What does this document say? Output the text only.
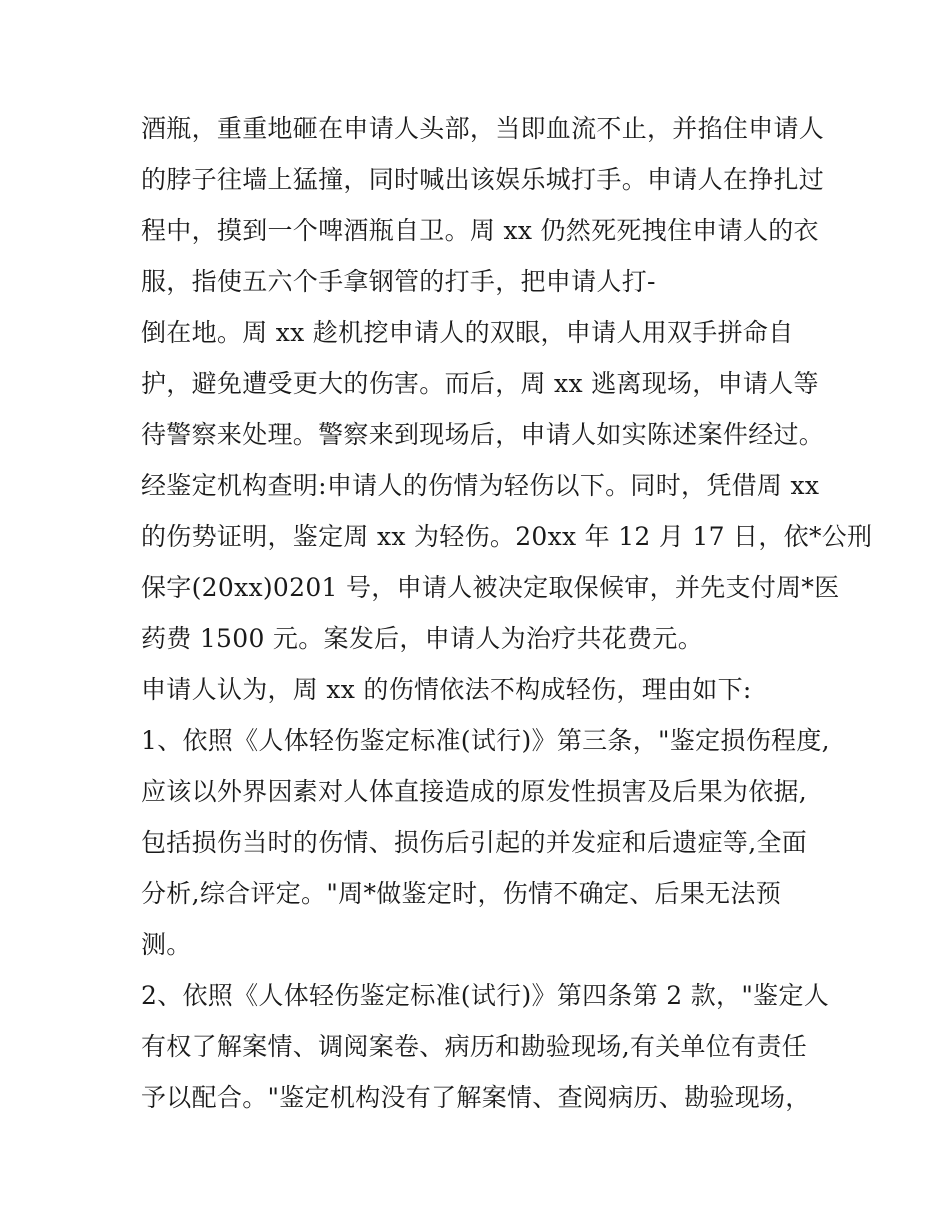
酒瓶，重重地砸在申请人头部，当即血流不止，并掐住申请人
的脖子往墙上猛撞，同时喊出该娱乐城打手。申请人在挣扎过
程中，摸到一个啤酒瓶自卫。周 xx 仍然死死拽住申请人的衣
服，指使五六个手拿钢管的打手，把申请人打-
倒在地。周 xx 趁机挖申请人的双眼，申请人用双手拼命自
护，避免遭受更大的伤害。而后，周 xx 逃离现场，申请人等
待警察来处理。警察来到现场后，申请人如实陈述案件经过。
经鉴定机构查明:申请人的伤情为轻伤以下。同时，凭借周 xx
的伤势证明，鉴定周 xx 为轻伤。20xx 年 12 月 17 日，依*公刑
保字(20xx)0201 号，申请人被决定取保候审，并先支付周*医
药费 1500 元。案发后，申请人为治疗共花费元。
申请人认为，周 xx 的伤情依法不构成轻伤，理由如下:
1、依照《人体轻伤鉴定标准(试行)》第三条，"鉴定损伤程度,
应该以外界因素对人体直接造成的原发性损害及后果为依据,
包括损伤当时的伤情、损伤后引起的并发症和后遗症等,全面
分析,综合评定。"周*做鉴定时，伤情不确定、后果无法预
测。
2、依照《人体轻伤鉴定标准(试行)》第四条第 2 款，"鉴定人
有权了解案情、调阅案卷、病历和勘验现场,有关单位有责任
予以配合。"鉴定机构没有了解案情、查阅病历、勘验现场，
